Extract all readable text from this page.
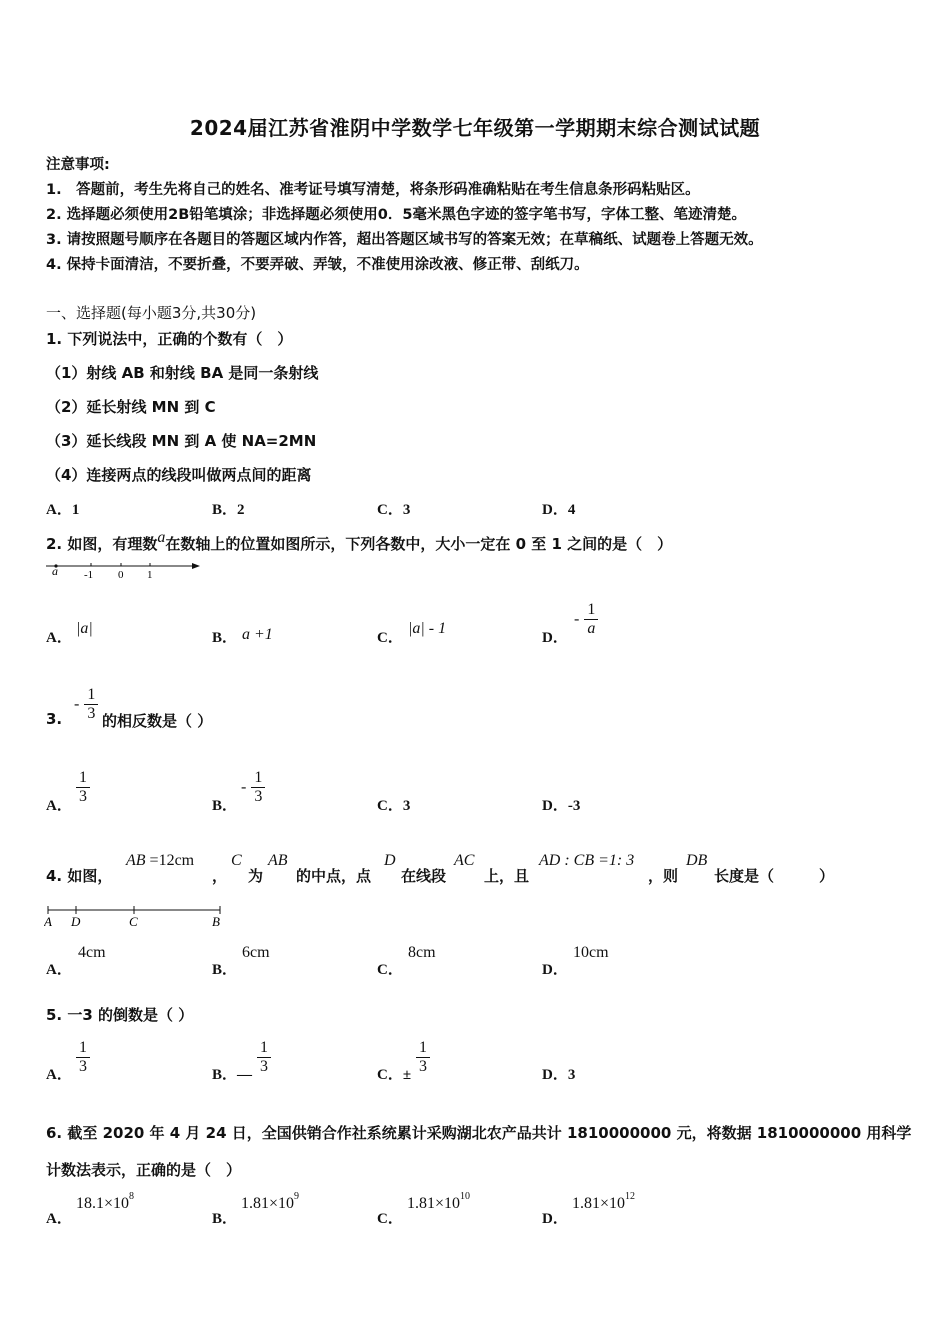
2024届江苏省淮阴中学数学七年级第一学期期末综合测试试题
注意事项:
1.　答题前，考生先将自己的姓名、准考证号填写清楚，将条形码准确粘贴在考生信息条形码粘贴区。
2. 选择题必须使用2B铅笔填涂；非选择题必须使用0．5毫米黑色字迹的签字笔书写，字体工整、笔迹清楚。
3. 请按照题号顺序在各题目的答题区域内作答，超出答题区域书写的答案无效；在草稿纸、试题卷上答题无效。
4. 保持卡面清洁，不要折叠，不要弄破、弄皱，不准使用涂改液、修正带、刮纸刀。
一、选择题(每小题3分,共30分)
1. 下列说法中，正确的个数有（　）
（1）射线 AB 和射线 BA 是同一条射线
（2）延长射线 MN 到 C
（3）延长线段 MN 到 A 使 NA=2MN
（4）连接两点的线段叫做两点间的距离
A．1	B．2	C．3	D．4
2. 如图，有理数a在数轴上的位置如图所示，下列各数中，大小一定在 0 至 1 之间的是（　）
a -1 0 1
A．
|a|
B． a +1	C．
|a| - 1
D．
- $\frac{1}{a}$
3.
- $\frac{1}{3}$ 的相反数是（ ）
A． $\frac{1}{3}$	B．
- $\frac{1}{3}$	C．3	D．-3
4. 如图，
AB =12cm
，
C
为
AB
的中点，点
D
在线段
AC
上，且
AD : CB =1: 3
，则
DB
长度是（　　　）
A D	C	B
A．
4cm
B．
6cm
C．
8cm
D．
10cm
5. 一3 的倒数是（ ）
A． $\frac{1}{3}$	B．— $\frac{1}{3}$	C．± $\frac{1}{3}$	D．3
6. 截至 2020 年 4 月 24 日，全国供销合作社系统累计采购湖北农产品共计 1810000000 元，将数据 1810000000 用科学
计数法表示，正确的是（　）
A．
$18.1\times 10^8$
B．
$1.81\times 10^9$
C．
$1.81\times 10^{10}$
D．
$1.81\times 10^{12}$
